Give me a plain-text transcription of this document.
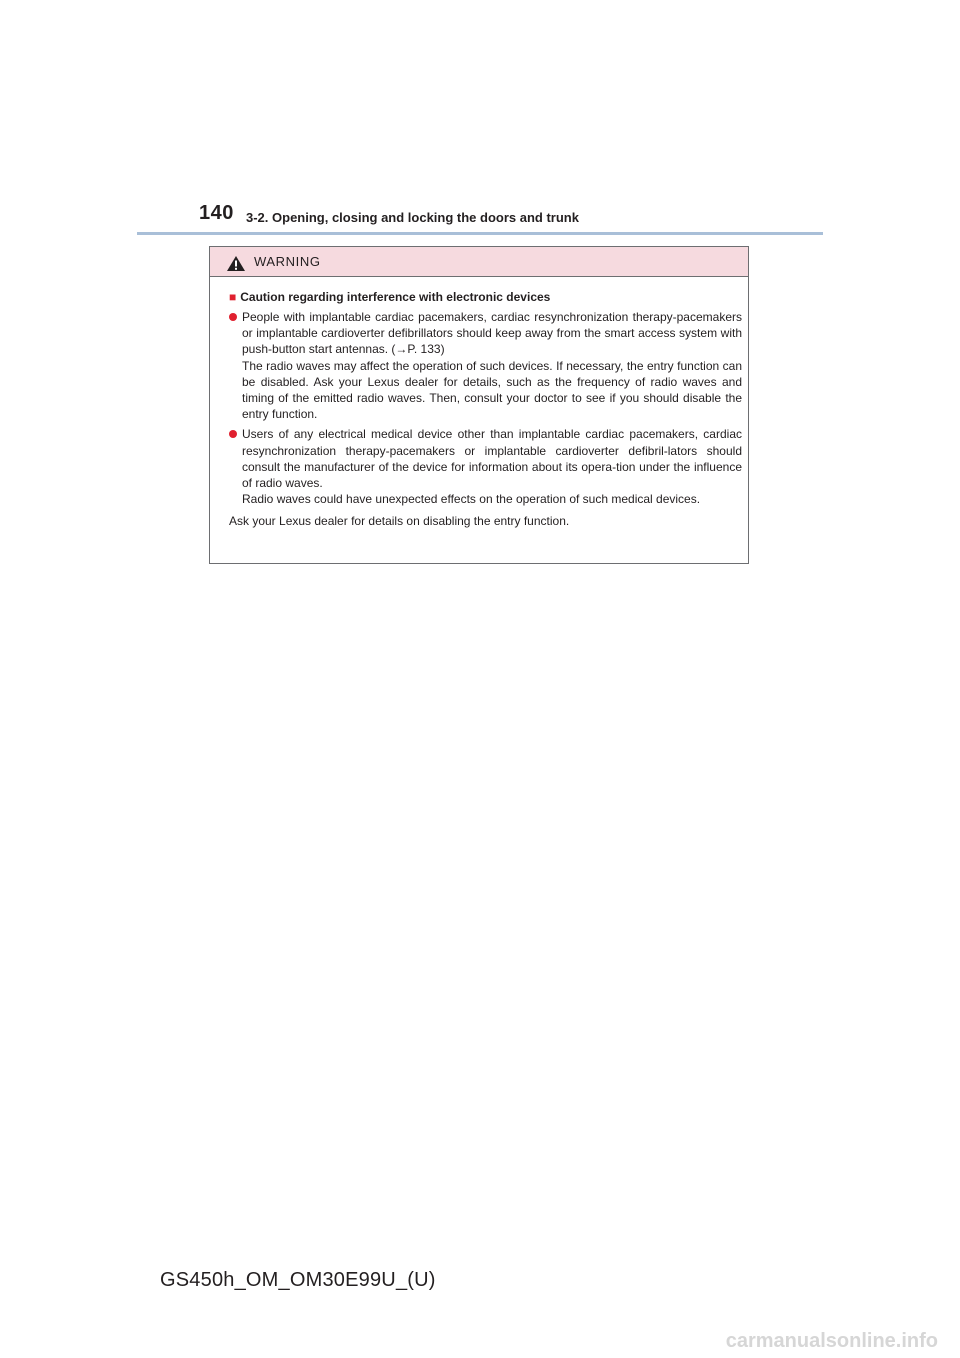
140 3-2. Opening, closing and locking the doors and trunk
WARNING
■ Caution regarding interference with electronic devices

People with implantable cardiac pacemakers, cardiac resynchronization therapy-pacemakers or implantable cardioverter defibrillators should keep away from the smart access system with push-button start antennas. (→P. 133)

The radio waves may affect the operation of such devices. If necessary, the entry function can be disabled. Ask your Lexus dealer for details, such as the frequency of radio waves and timing of the emitted radio waves. Then, consult your doctor to see if you should disable the entry function.

Users of any electrical medical device other than implantable cardiac pacemakers, cardiac resynchronization therapy-pacemakers or implantable cardioverter defibril-lators should consult the manufacturer of the device for information about its opera-tion under the influence of radio waves.

Radio waves could have unexpected effects on the operation of such medical devices.

Ask your Lexus dealer for details on disabling the entry function.

GS450h_OM_OM30E99U_(U)
carmanualsonline.info
